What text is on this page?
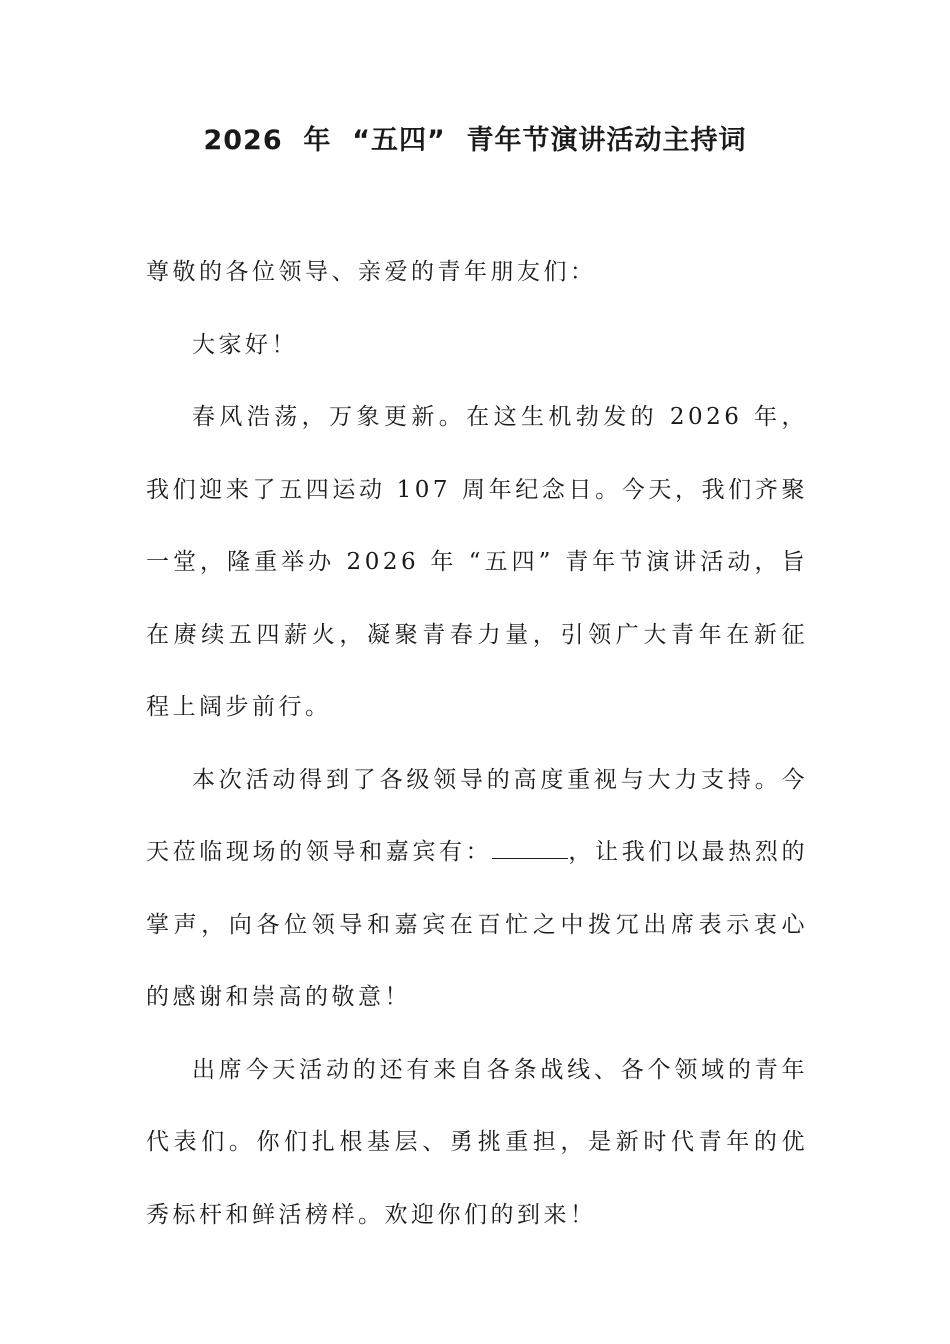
2026  年  “五四”  青年节演讲活动主持词

尊敬的各位领导、亲爱的青年朋友们：

大家好！

春风浩荡，万象更新。在这生机勃发的 2026 年，我们迎来了五四运动 107 周年纪念日。今天，我们齐聚一堂，隆重举办 2026 年 “五四” 青年节演讲活动，旨在赓续五四薪火，凝聚青春力量，引领广大青年在新征程上阔步前行。

本次活动得到了各级领导的高度重视与大力支持。今天莅临现场的领导和嘉宾有：	，让我们以最热烈的掌声，向各位领导和嘉宾在百忙之中拨冗出席表示衷心的感谢和崇高的敬意！

出席今天活动的还有来自各条战线、各个领域的青年代表们。你们扎根基层、勇挑重担，是新时代青年的优秀标杆和鲜活榜样。欢迎你们的到来！
